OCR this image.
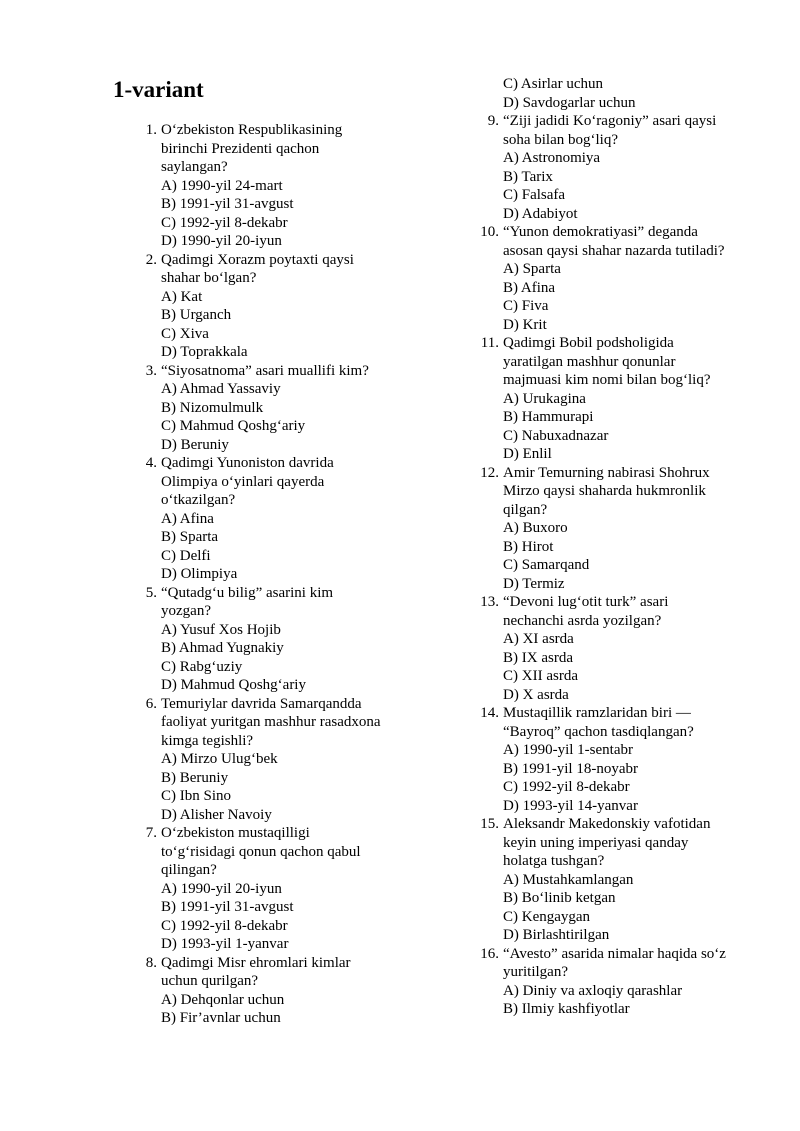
1-variant
1. O‘zbekiston Respublikasining
birinchi Prezidenti qachon
saylangan?
A) 1990-yil 24-mart
B) 1991-yil 31-avgust
C) 1992-yil 8-dekabr
D) 1990-yil 20-iyun
2. Qadimgi Xorazm poytaxti qaysi
shahar bo‘lgan?
A) Kat
B) Urganch
C) Xiva
D) Toprakkala
3. “Siyosatnoma” asari muallifi kim?
A) Ahmad Yassaviy
B) Nizomulmulk
C) Mahmud Qoshg‘ariy
D) Beruniy
4. Qadimgi Yunoniston davrida
Olimpiya o‘yinlari qayerda
o‘tkazilgan?
A) Afina
B) Sparta
C) Delfi
D) Olimpiya
5. “Qutadg‘u bilig” asarini kim
yozgan?
A) Yusuf Xos Hojib
B) Ahmad Yugnakiy
C) Rabg‘uziy
D) Mahmud Qoshg‘ariy
6. Temuriylar davrida Samarqandda
faoliyat yuritgan mashhur rasadxona
kimga tegishli?
A) Mirzo Ulug‘bek
B) Beruniy
C) Ibn Sino
D) Alisher Navoiy
7. O‘zbekiston mustaqilligi
to‘g‘risidagi qonun qachon qabul
qilingan?
A) 1990-yil 20-iyun
B) 1991-yil 31-avgust
C) 1992-yil 8-dekabr
D) 1993-yil 1-yanvar
8. Qadimgi Misr ehromlari kimlar
uchun qurilgan?
A) Dehqonlar uchun
B) Fir’avnlar uchun
C) Asirlar uchun
D) Savdogarlar uchun
9. “Ziji jadidi Ko‘ragoniy” asari qaysi
soha bilan bog‘liq?
A) Astronomiya
B) Tarix
C) Falsafa
D) Adabiyot
10. “Yunon demokratiyasi” deganda
asosan qaysi shahar nazarda tutiladi?
A) Sparta
B) Afina
C) Fiva
D) Krit
11. Qadimgi Bobil podsholigida
yaratilgan mashhur qonunlar
majmuasi kim nomi bilan bog‘liq?
A) Urukagina
B) Hammurapi
C) Nabuxadnazar
D) Enlil
12. Amir Temurning nabirasi Shohrux
Mirzo qaysi shaharda hukmronlik
qilgan?
A) Buxoro
B) Hirot
C) Samarqand
D) Termiz
13. “Devoni lug‘otit turk” asari
nechanchi asrda yozilgan?
A) XI asrda
B) IX asrda
C) XII asrda
D) X asrda
14. Mustaqillik ramzlaridan biri —
“Bayroq” qachon tasdiqlangan?
A) 1990-yil 1-sentabr
B) 1991-yil 18-noyabr
C) 1992-yil 8-dekabr
D) 1993-yil 14-yanvar
15. Aleksandr Makedonskiy vafotidan
keyin uning imperiyasi qanday
holatga tushgan?
A) Mustahkamlangan
B) Bo‘linib ketgan
C) Kengaygan
D) Birlashtirilgan
16. “Avesto” asarida nimalar haqida so‘z
yuritilgan?
A) Diniy va axloqiy qarashlar
B) Ilmiy kashfiyotlar
